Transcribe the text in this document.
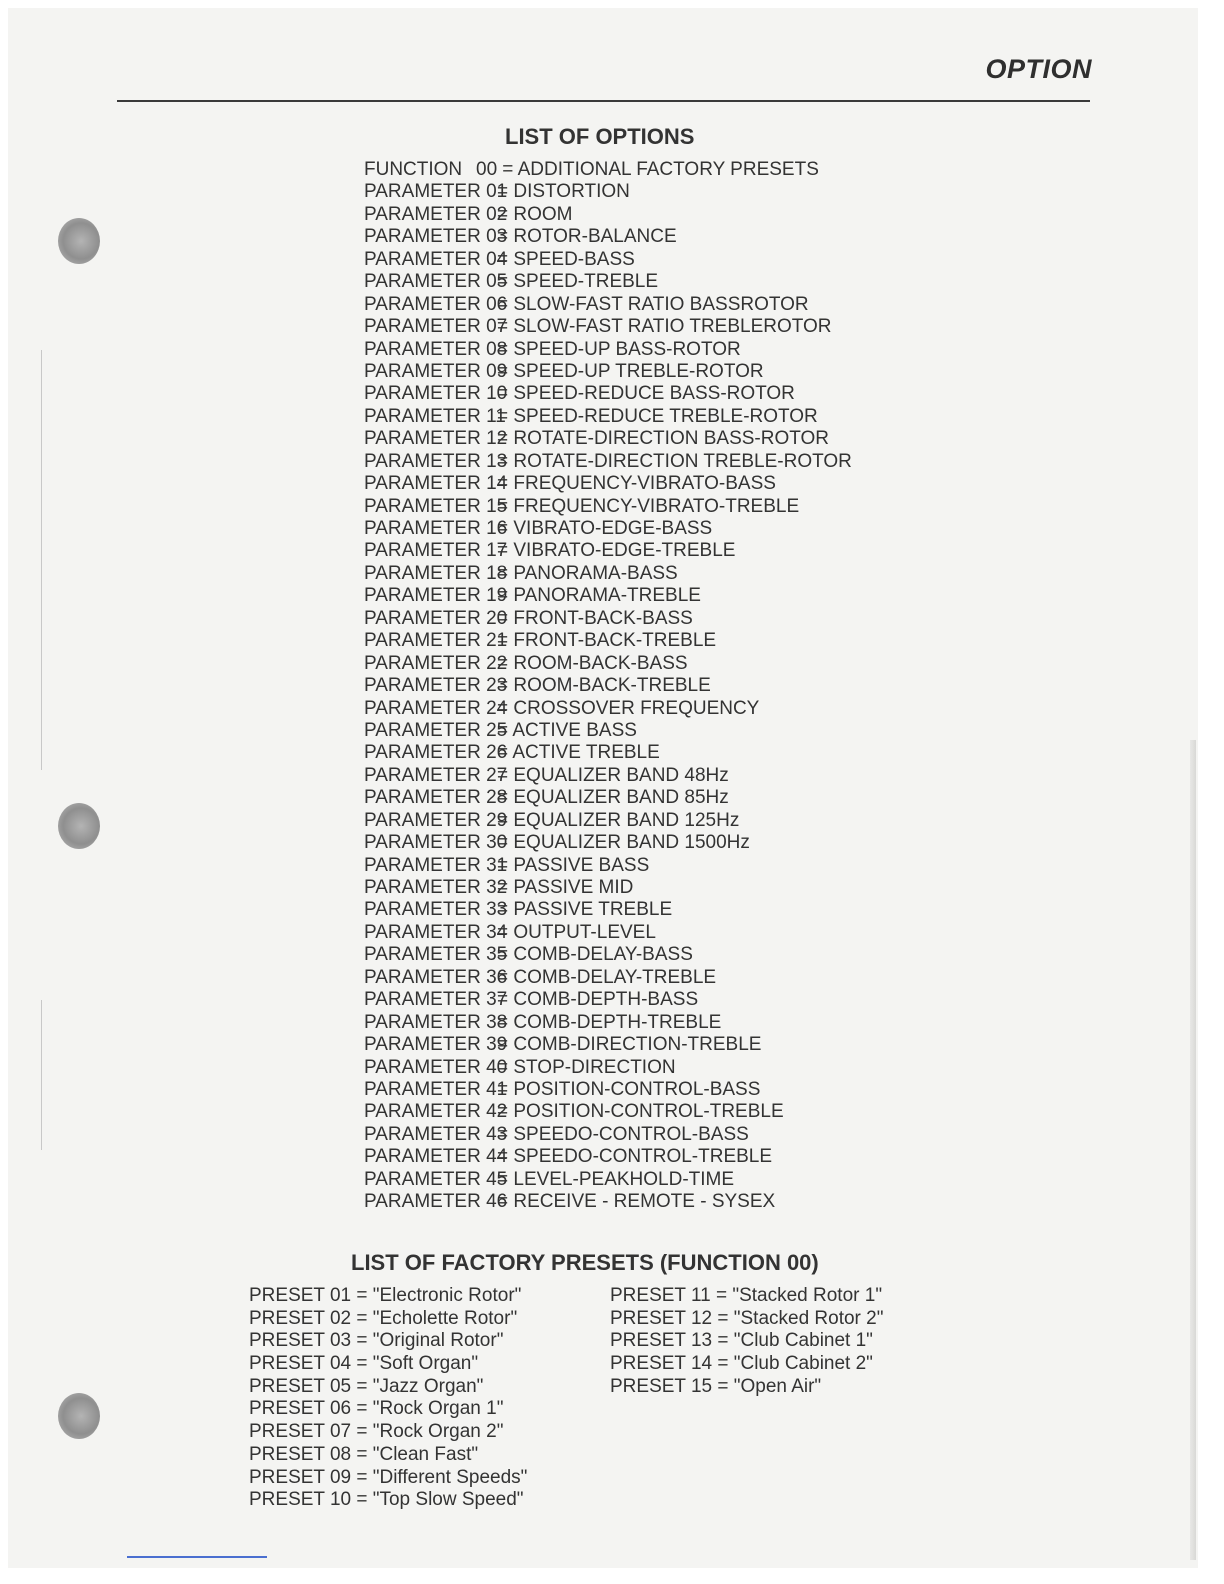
OPTION
LIST OF OPTIONS
FUNCTION 00 = ADDITIONAL FACTORY PRESETS
PARAMETER 01= DISTORTION
PARAMETER 02= ROOM
PARAMETER 03= ROTOR-BALANCE
PARAMETER 04= SPEED-BASS
PARAMETER 05= SPEED-TREBLE
PARAMETER 06= SLOW-FAST RATIO BASSROTOR
PARAMETER 07= SLOW-FAST RATIO TREBLEROTOR
PARAMETER 08= SPEED-UP BASS-ROTOR
PARAMETER 09= SPEED-UP TREBLE-ROTOR
PARAMETER 10= SPEED-REDUCE BASS-ROTOR
PARAMETER 11= SPEED-REDUCE TREBLE-ROTOR
PARAMETER 12= ROTATE-DIRECTION BASS-ROTOR
PARAMETER 13= ROTATE-DIRECTION TREBLE-ROTOR
PARAMETER 14= FREQUENCY-VIBRATO-BASS
PARAMETER 15= FREQUENCY-VIBRATO-TREBLE
PARAMETER 16= VIBRATO-EDGE-BASS
PARAMETER 17= VIBRATO-EDGE-TREBLE
PARAMETER 18= PANORAMA-BASS
PARAMETER 19= PANORAMA-TREBLE
PARAMETER 20= FRONT-BACK-BASS
PARAMETER 21= FRONT-BACK-TREBLE
PARAMETER 22= ROOM-BACK-BASS
PARAMETER 23= ROOM-BACK-TREBLE
PARAMETER 24= CROSSOVER FREQUENCY
PARAMETER 25= ACTIVE BASS
PARAMETER 26= ACTIVE TREBLE
PARAMETER 27= EQUALIZER BAND 48Hz
PARAMETER 28= EQUALIZER BAND 85Hz
PARAMETER 29= EQUALIZER BAND 125Hz
PARAMETER 30= EQUALIZER BAND 1500Hz
PARAMETER 31= PASSIVE BASS
PARAMETER 32= PASSIVE MID
PARAMETER 33= PASSIVE TREBLE
PARAMETER 34= OUTPUT-LEVEL
PARAMETER 35= COMB-DELAY-BASS
PARAMETER 36= COMB-DELAY-TREBLE
PARAMETER 37= COMB-DEPTH-BASS
PARAMETER 38= COMB-DEPTH-TREBLE
PARAMETER 39= COMB-DIRECTION-TREBLE
PARAMETER 40= STOP-DIRECTION
PARAMETER 41= POSITION-CONTROL-BASS
PARAMETER 42= POSITION-CONTROL-TREBLE
PARAMETER 43= SPEEDO-CONTROL-BASS
PARAMETER 44= SPEEDO-CONTROL-TREBLE
PARAMETER 45= LEVEL-PEAKHOLD-TIME
PARAMETER 46= RECEIVE - REMOTE - SYSEX
LIST OF FACTORY PRESETS (FUNCTION 00)
PRESET 01 = "Electronic Rotor"
PRESET 02 = "Echolette Rotor"
PRESET 03 = "Original Rotor"
PRESET 04 = "Soft Organ"
PRESET 05 = "Jazz Organ"
PRESET 06 = "Rock Organ 1"
PRESET 07 = "Rock Organ 2"
PRESET 08 = "Clean Fast"
PRESET 09 = "Different Speeds"
PRESET 10 = "Top Slow Speed"
PRESET 11 = "Stacked Rotor 1"
PRESET 12 = "Stacked Rotor 2"
PRESET 13 = "Club Cabinet 1"
PRESET 14 = "Club Cabinet 2"
PRESET 15 = "Open Air"
